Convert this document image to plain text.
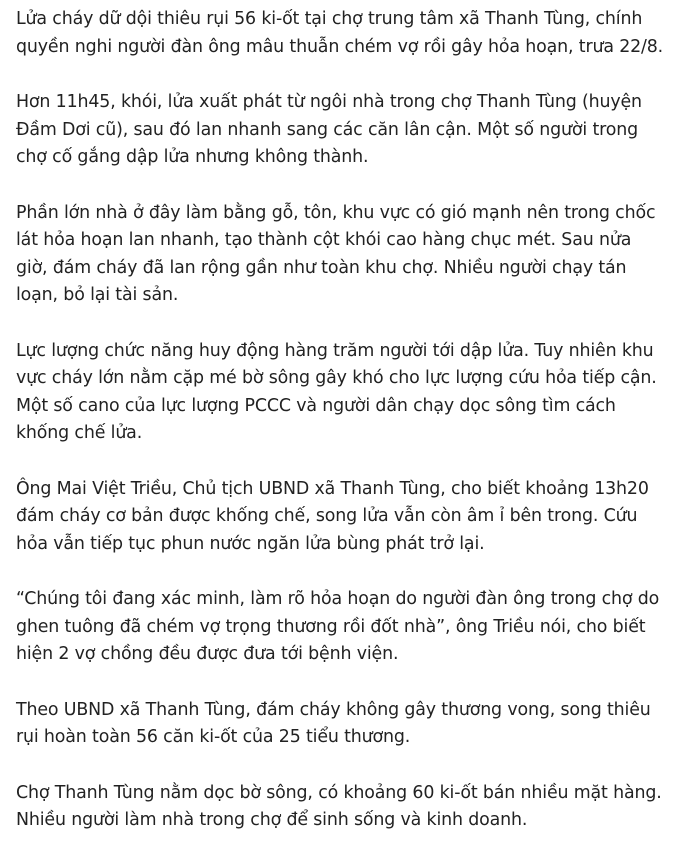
Lửa cháy dữ dội thiêu rụi 56 ki-ốt tại chợ trung tâm xã Thanh Tùng, chính quyền nghi người đàn ông mâu thuẫn chém vợ rồi gây hỏa hoạn, trưa 22/8.

Hơn 11h45, khói, lửa xuất phát từ ngôi nhà trong chợ Thanh Tùng (huyện Đầm Dơi cũ), sau đó lan nhanh sang các căn lân cận. Một số người trong chợ cố gắng dập lửa nhưng không thành.

Phần lớn nhà ở đây làm bằng gỗ, tôn, khu vực có gió mạnh nên trong chốc lát hỏa hoạn lan nhanh, tạo thành cột khói cao hàng chục mét. Sau nửa giờ, đám cháy đã lan rộng gần như toàn khu chợ. Nhiều người chạy tán loạn, bỏ lại tài sản.

Lực lượng chức năng huy động hàng trăm người tới dập lửa. Tuy nhiên khu vực cháy lớn nằm cặp mé bờ sông gây khó cho lực lượng cứu hỏa tiếp cận. Một số cano của lực lượng PCCC và người dân chạy dọc sông tìm cách khống chế lửa.

Ông Mai Việt Triều, Chủ tịch UBND xã Thanh Tùng, cho biết khoảng 13h20 đám cháy cơ bản được khống chế, song lửa vẫn còn âm ỉ bên trong. Cứu hỏa vẫn tiếp tục phun nước ngăn lửa bùng phát trở lại.

“Chúng tôi đang xác minh, làm rõ hỏa hoạn do người đàn ông trong chợ do ghen tuông đã chém vợ trọng thương rồi đốt nhà”, ông Triều nói, cho biết hiện 2 vợ chồng đều được đưa tới bệnh viện.

Theo UBND xã Thanh Tùng, đám cháy không gây thương vong, song thiêu rụi hoàn toàn 56 căn ki-ốt của 25 tiểu thương.

Chợ Thanh Tùng nằm dọc bờ sông, có khoảng 60 ki-ốt bán nhiều mặt hàng. Nhiều người làm nhà trong chợ để sinh sống và kinh doanh.
